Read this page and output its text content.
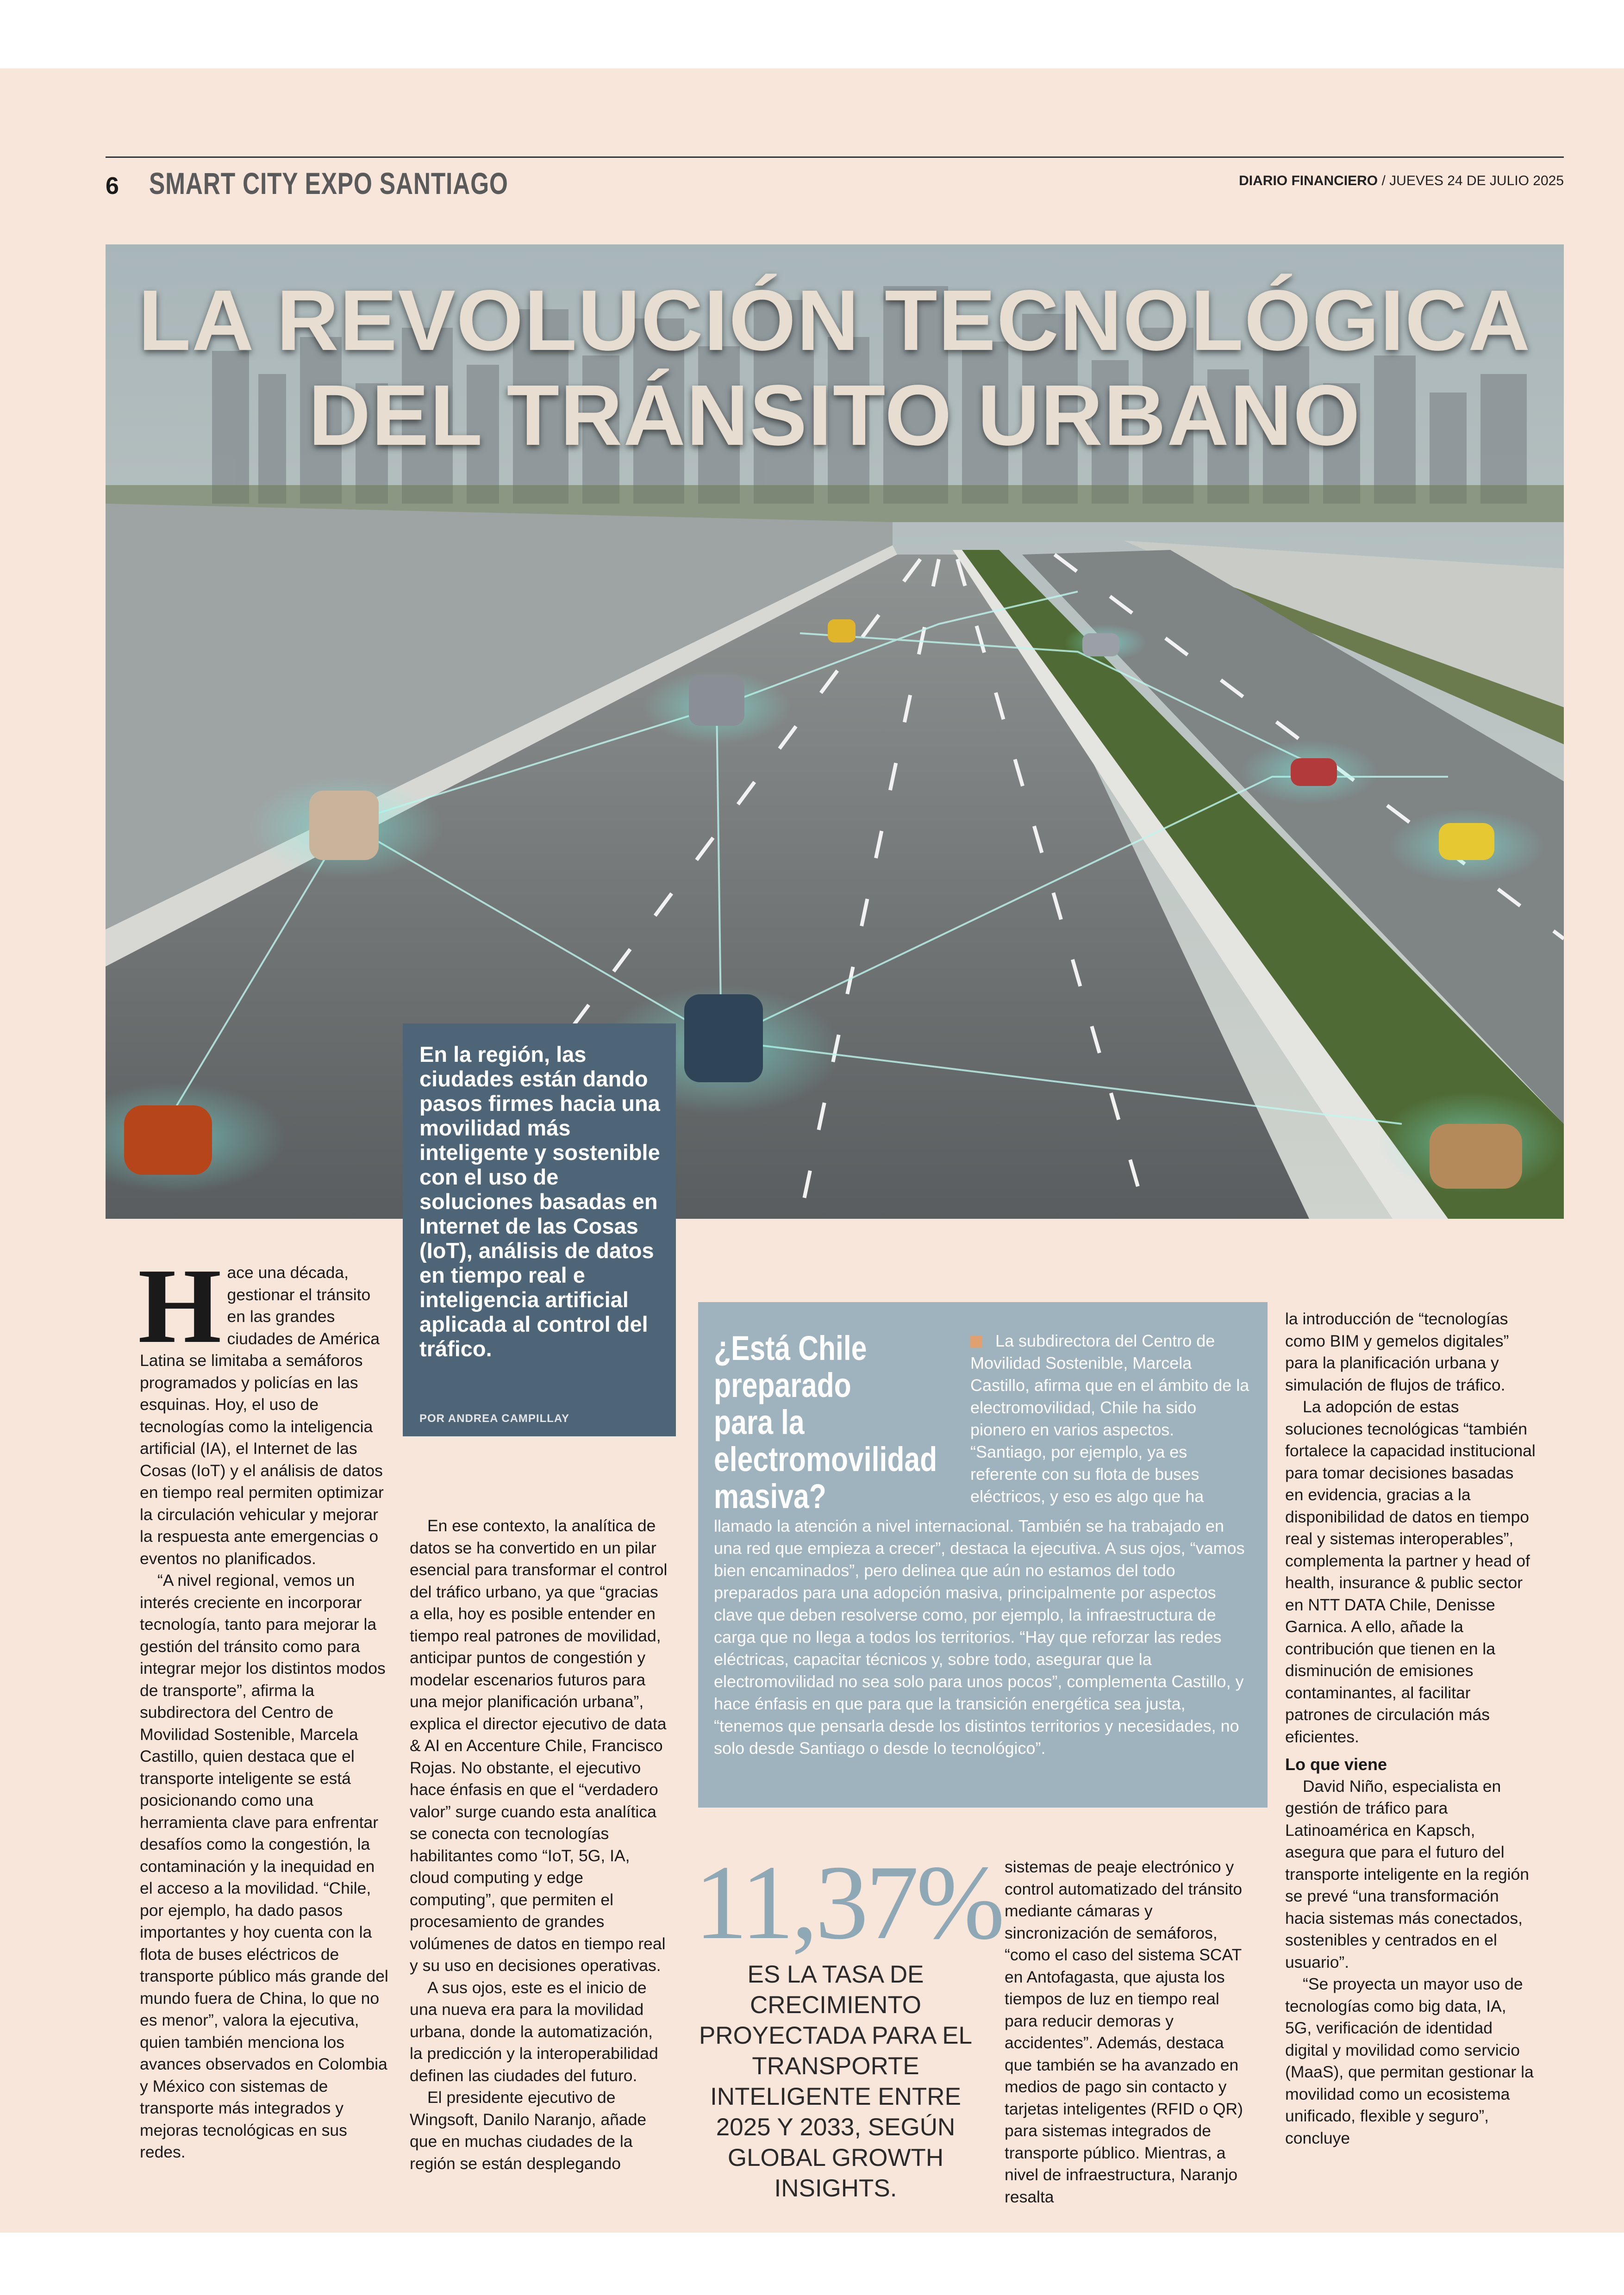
6 SMART CITY EXPO SANTIAGO	DIARIO FINANCIERO / JUEVES 24 DE JULIO 2025
LA REVOLUCIÓN TECNOLÓGICA
DEL TRÁNSITO URBANO
En la región, las ciudades están dando pasos firmes hacia una movilidad más inteligente y sostenible con el uso de soluciones basadas en Internet de las Cosas (IoT), análisis de datos en tiempo real e inteligencia artificial aplicada al control del tráfico.
POR ANDREA CAMPILLAY
H ace una década, gestionar el tránsito en las grandes ciudades de América Latina se limitaba a semáforos programados y policías en las esquinas. Hoy, el uso de tecnologías como la inteligencia artificial (IA), el Internet de las Cosas (IoT) y el análisis de datos en tiempo real permiten optimizar la circulación vehicular y mejorar la respuesta ante emergencias o eventos no planificados.

“A nivel regional, vemos un interés creciente en incorporar tecnología, tanto para mejorar la gestión del tránsito como para integrar mejor los distintos modos de transporte”, afirma la subdirectora del Centro de Movilidad Sostenible, Marcela Castillo, quien destaca que el transporte inteligente se está posicionando como una herramienta clave para enfrentar desafíos como la congestión, la contaminación y la inequidad en el acceso a la movilidad. “Chile, por ejemplo, ha dado pasos importantes y hoy cuenta con la flota de buses eléctricos de transporte público más grande del mundo fuera de China, lo que no es menor”, valora la ejecutiva, quien también menciona los avances observados en Colombia y México con sistemas de transporte más integrados y mejoras tecnológicas en sus redes.

En ese contexto, la analítica de datos se ha convertido en un pilar esencial para transformar el control del tráfico urbano, ya que “gracias a ella, hoy es posible entender en tiempo real patrones de movilidad, anticipar puntos de congestión y modelar escenarios futuros para una mejor planificación urbana”, explica el director ejecutivo de data & AI en Accenture Chile, Francisco Rojas. No obstante, el ejecutivo hace énfasis en que el “verdadero valor” surge cuando esta analítica se conecta con tecnologías habilitantes como “IoT, 5G, IA, cloud computing y edge computing”, que permiten el procesamiento de grandes volúmenes de datos en tiempo real y su uso en decisiones operativas.

A sus ojos, este es el inicio de una nueva era para la movilidad urbana, donde la automatización, la predicción y la interoperabilidad definen las ciudades del futuro.

El presidente ejecutivo de Wingsoft, Danilo Naranjo, añade que en muchas ciudades de la región se están desplegando

¿Está Chile preparado para la electromovilidad masiva?
La subdirectora del Centro de Movilidad Sostenible, Marcela Castillo, afirma que en el ámbito de la electromovilidad, Chile ha sido pionero en varios aspectos. “Santiago, por ejemplo, ya es referente con su flota de buses eléctricos, y eso es algo que ha
llamado la atención a nivel internacional. También se ha trabajado en una red que empieza a crecer”, destaca la ejecutiva. A sus ojos, “vamos bien encaminados”, pero delinea que aún no estamos del todo preparados para una adopción masiva, principalmente por aspectos clave que deben resolverse como, por ejemplo, la infraestructura de carga que no llega a todos los territorios. “Hay que reforzar las redes eléctricas, capacitar técnicos y, sobre todo, asegurar que la electromovilidad no sea solo para unos pocos”, complementa Castillo, y hace énfasis en que para que la transición energética sea justa, “tenemos que pensarla desde los distintos territorios y necesidades, no solo desde Santiago o desde lo tecnológico”.
11,37%
ES LA TASA DE CRECIMIENTO PROYECTADA PARA EL TRANSPORTE INTELIGENTE ENTRE 2025 Y 2033, SEGÚN GLOBAL GROWTH INSIGHTS.

sistemas de peaje electrónico y control automatizado del tránsito mediante cámaras y sincronización de semáforos, “como el caso del sistema SCAT en Antofagasta, que ajusta los tiempos de luz en tiempo real para reducir demoras y accidentes”. Además, destaca que también se ha avanzado en medios de pago sin contacto y tarjetas inteligentes (RFID o QR) para sistemas integrados de transporte público. Mientras, a nivel de infraestructura, Naranjo resalta

la introducción de “tecnologías como BIM y gemelos digitales” para la planificación urbana y simulación de flujos de tráfico.

La adopción de estas soluciones tecnológicas “también fortalece la capacidad institucional para tomar decisiones basadas en evidencia, gracias a la disponibilidad de datos en tiempo real y sistemas interoperables”, complementa la partner y head of health, insurance & public sector en NTT DATA Chile, Denisse Garnica. A ello, añade la contribución que tienen en la disminución de emisiones contaminantes, al facilitar patrones de circulación más eficientes.

Lo que viene

David Niño, especialista en gestión de tráfico para Latinoamérica en Kapsch, asegura que para el futuro del transporte inteligente en la región se prevé “una transformación hacia sistemas más conectados, sostenibles y centrados en el usuario”.

“Se proyecta un mayor uso de tecnologías como big data, IA, 5G, verificación de identidad digital y movilidad como servicio (MaaS), que permitan gestionar la movilidad como un ecosistema unificado, flexible y seguro”, concluye
